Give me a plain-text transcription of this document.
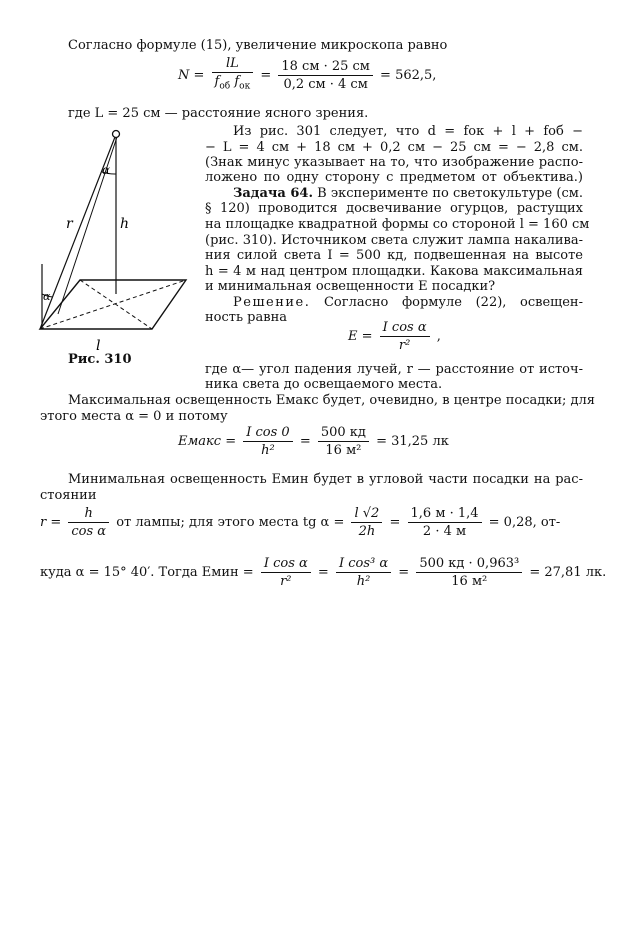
Согласно формуле (15), увеличение микроскопа равно
$N = \frac{lL}{f_{об} f_{ок}} = \frac{18 см \cdot 25 см}{0,2 см \cdot 4 см} = 562,5$,
где L = 25 см — расстояние ясного зрения.
α
α
r	h
l
Рис. 310
Из рис. 301 следует, что d = fок + l + fоб −
− L = 4 см + 18 см + 0,2 см − 25 см = − 2,8 см.
(Знак минус указывает на то, что изображение распо-
ложено по одну сторону с предметом от объектива.)
Задача 64. В эксперименте по светокультуре (см.
§ 120) проводится досвечивание огурцов, растущих
на площадке квадратной формы со стороной l = 160 см
(рис. 310). Источником света служит лампа накалива-
ния силой света I = 500 кд, подвешенная на высоте
h = 4 м над центром площадки. Какова максимальная
и минимальная освещенности E посадки?
Решение. Согласно формуле (22), освещен-
ность равна
$E = \frac{\text{I cos α}}{\text{r²}}$ ,
где α— угол падения лучей, r — расстояние от источ-
ника света до освещаемого места.
Максимальная освещенность Eмакс будет, очевидно, в центре посадки; для
этого места α = 0 и потому
Eмакс = $\frac{\text{I cos 0}}{\text{h²}} = \frac{500 кд}{\text{16 м²}} = 31,25$ лк
Минимальная освещенность Eмин будет в угловой части посадки на рас-
стоянии
$r = \frac{h}{\text{cos α}}$ от лампы; для этого места tg $\alpha = \frac{l √2}{2h} = \frac{1,6 м \cdot 1,4}{2 \cdot 4 м} = 0,28$, от-
куда α = 15° 40′. Тогда Eмин = $\frac{\text{I cos α}}{\text{r²}} = \frac{\text{I cos³ α}}{\text{h²}} = \frac{\text{500 кд · 0,963³}}{\text{16 м²}} = 27,81$ лк.
